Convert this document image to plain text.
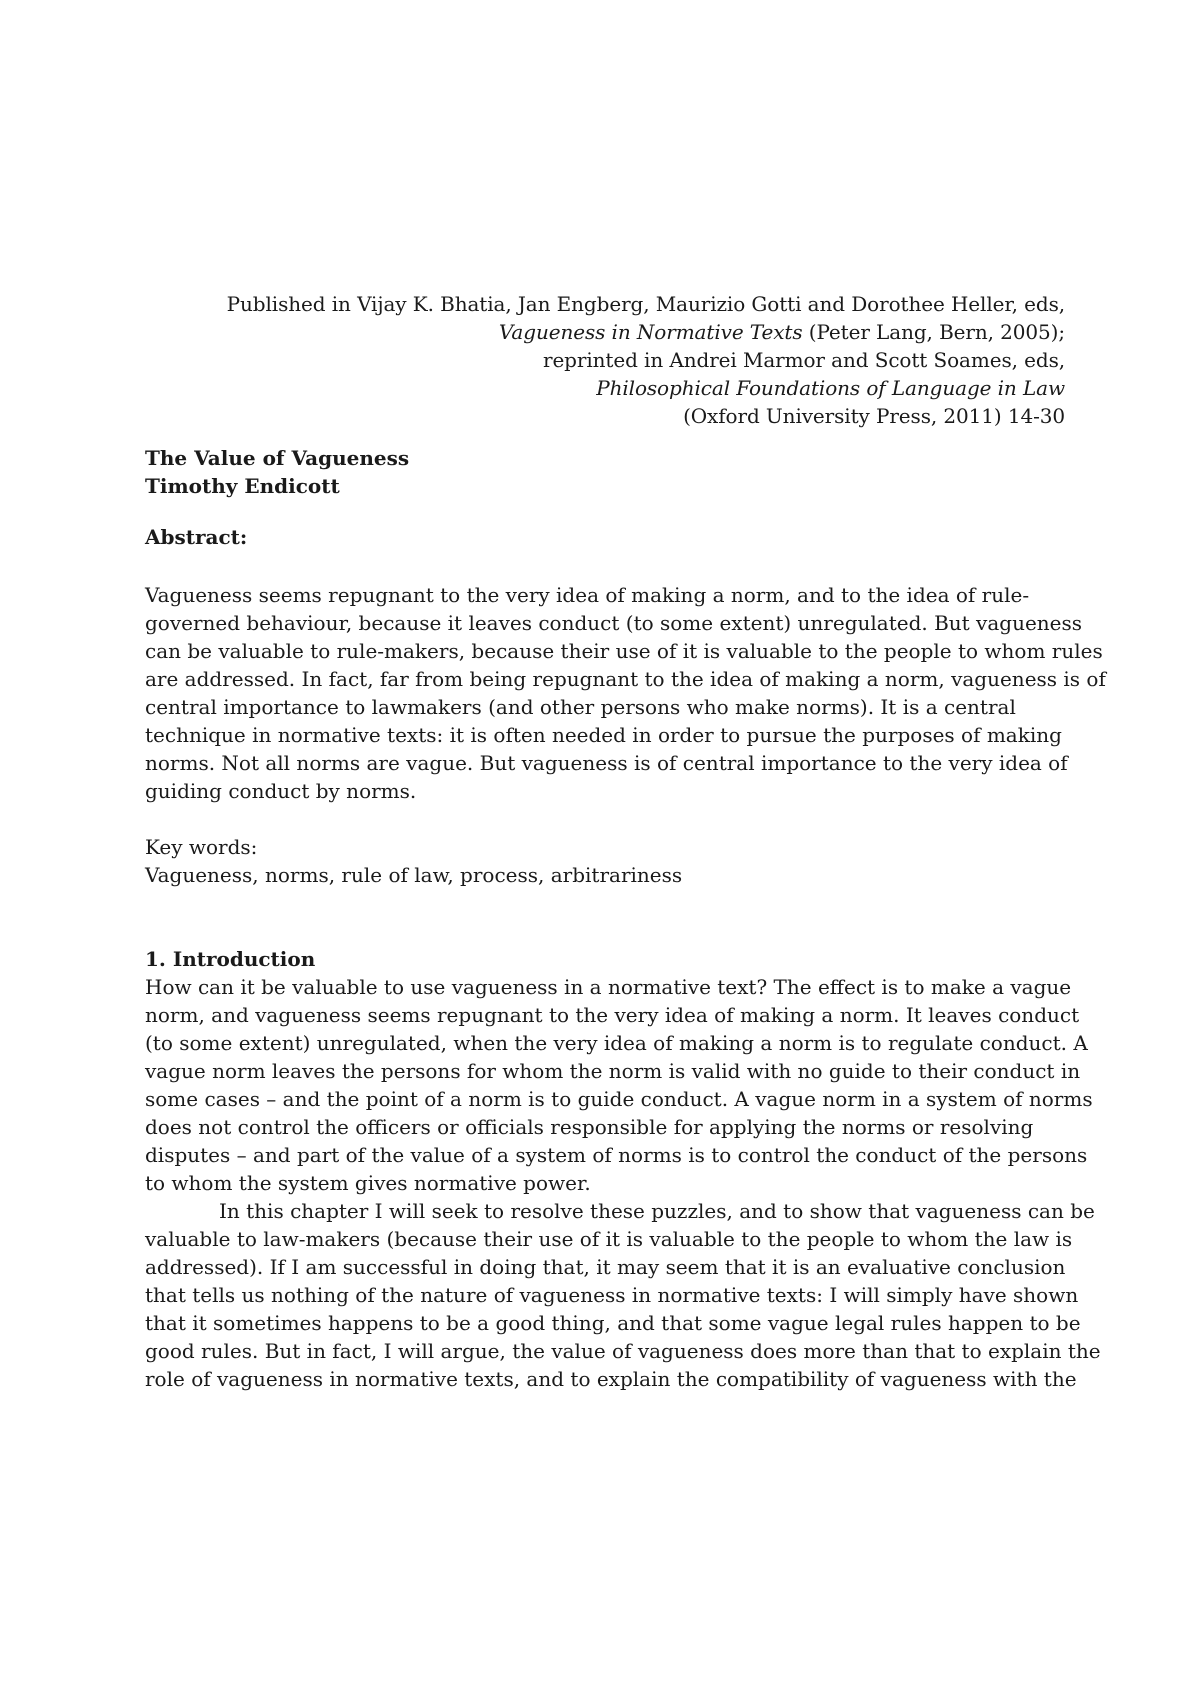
Published in Vijay K. Bhatia, Jan Engberg, Maurizio Gotti and Dorothee Heller, eds,
Vagueness in Normative Texts (Peter Lang, Bern, 2005);
reprinted in Andrei Marmor and Scott Soames, eds,
Philosophical Foundations of Language in Law
(Oxford University Press, 2011) 14-30
The Value of Vagueness
Timothy Endicott
Abstract:
Vagueness seems repugnant to the very idea of making a norm, and to the idea of rule-
governed behaviour, because it leaves conduct (to some extent) unregulated. But vagueness
can be valuable to rule-makers, because their use of it is valuable to the people to whom rules
are addressed. In fact, far from being repugnant to the idea of making a norm, vagueness is of
central importance to lawmakers (and other persons who make norms). It is a central
technique in normative texts: it is often needed in order to pursue the purposes of making
norms. Not all norms are vague. But vagueness is of central importance to the very idea of
guiding conduct by norms.
Key words:
Vagueness, norms, rule of law, process, arbitrariness
1. Introduction
How can it be valuable to use vagueness in a normative text? The effect is to make a vague
norm, and vagueness seems repugnant to the very idea of making a norm. It leaves conduct
(to some extent) unregulated, when the very idea of making a norm is to regulate conduct. A
vague norm leaves the persons for whom the norm is valid with no guide to their conduct in
some cases – and the point of a norm is to guide conduct. A vague norm in a system of norms
does not control the officers or officials responsible for applying the norms or resolving
disputes – and part of the value of a system of norms is to control the conduct of the persons
to whom the system gives normative power.
In this chapter I will seek to resolve these puzzles, and to show that vagueness can be
valuable to law-makers (because their use of it is valuable to the people to whom the law is
addressed). If I am successful in doing that, it may seem that it is an evaluative conclusion
that tells us nothing of the nature of vagueness in normative texts: I will simply have shown
that it sometimes happens to be a good thing, and that some vague legal rules happen to be
good rules. But in fact, I will argue, the value of vagueness does more than that to explain the
role of vagueness in normative texts, and to explain the compatibility of vagueness with the
